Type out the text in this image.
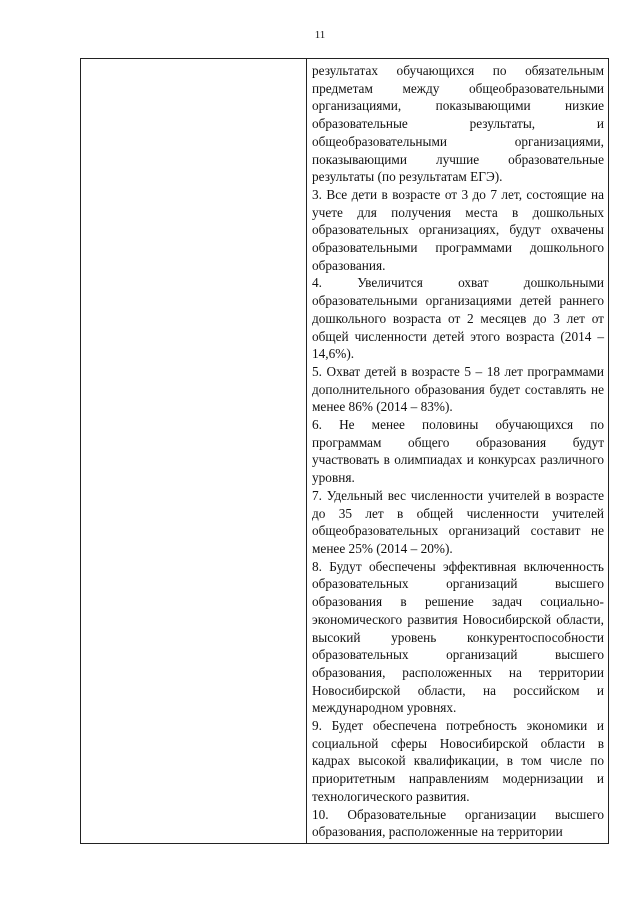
11

результатах обучающихся по обязательным предметам между общеобразовательными организациями, показывающими низкие образовательные результаты, и общеобразовательными организациями, показывающими лучшие образовательные результаты (по результатам ЕГЭ).

3. Все дети в возрасте от 3 до 7 лет, состоящие на учете для получения места в дошкольных образовательных организациях, будут охвачены образовательными программами дошкольного образования.

4. Увеличится охват дошкольными образовательными организациями детей раннего дошкольного возраста от 2 месяцев до 3 лет от общей численности детей этого возраста (2014 – 14,6%).

5. Охват детей в возрасте 5 – 18 лет программами дополнительного образования будет составлять не менее 86% (2014 – 83%).

6. Не менее половины обучающихся по программам общего образования будут участвовать в олимпиадах и конкурсах различного уровня.

7. Удельный вес численности учителей в возрасте до 35 лет в общей численности учителей общеобразовательных организаций составит не менее 25% (2014 – 20%).

8. Будут обеспечены эффективная включенность образовательных организаций высшего образования в решение задач социально-экономического развития Новосибирской области, высокий уровень конкурентоспособности образовательных организаций высшего образования, расположенных на территории Новосибирской области, на российском и международном уровнях.

9. Будет обеспечена потребность экономики и социальной сферы Новосибирской области в кадрах высокой квалификации, в том числе по приоритетным направлениям модернизации и технологического развития.

10. Образовательные организации высшего образования, расположенные на территории
